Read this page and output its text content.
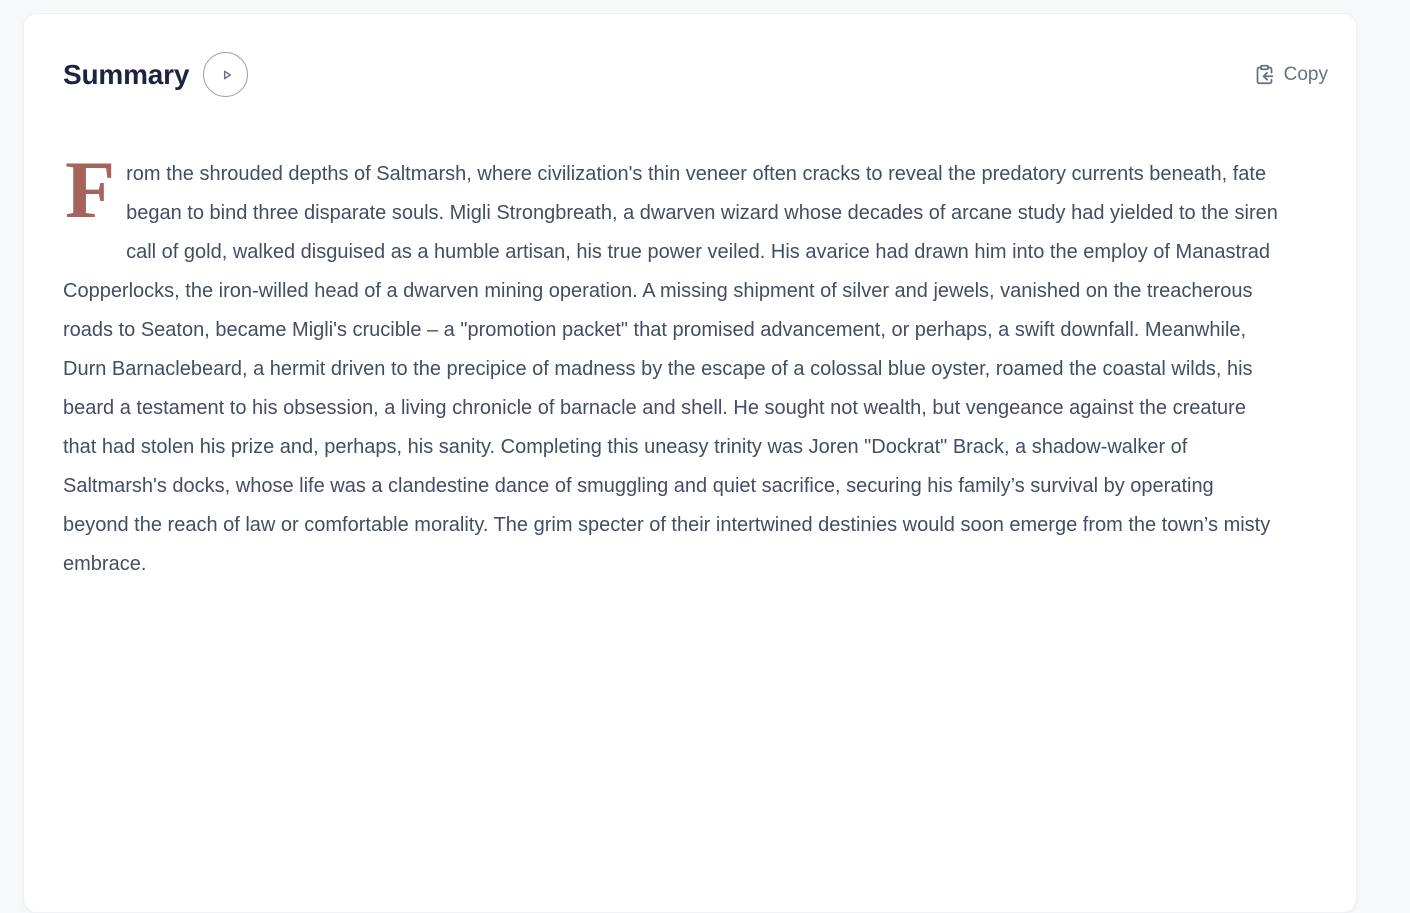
Summary	Copy

From the shrouded depths of Saltmarsh, where civilization's thin veneer often cracks to reveal the predatory currents beneath, fate began to bind three disparate souls. Migli Strongbreath, a dwarven wizard whose decades of arcane study had yielded to the siren call of gold, walked disguised as a humble artisan, his true power veiled. His avarice had drawn him into the employ of Manastrad Copperlocks, the iron-willed head of a dwarven mining operation. A missing shipment of silver and jewels, vanished on the treacherous roads to Seaton, became Migli's crucible – a "promotion packet" that promised advancement, or perhaps, a swift downfall. Meanwhile, Durn Barnaclebeard, a hermit driven to the precipice of madness by the escape of a colossal blue oyster, roamed the coastal wilds, his beard a testament to his obsession, a living chronicle of barnacle and shell. He sought not wealth, but vengeance against the creature that had stolen his prize and, perhaps, his sanity. Completing this uneasy trinity was Joren "Dockrat" Brack, a shadow-walker of Saltmarsh's docks, whose life was a clandestine dance of smuggling and quiet sacrifice, securing his family’s survival by operating beyond the reach of law or comfortable morality. The grim specter of their intertwined destinies would soon emerge from the town’s misty embrace.
